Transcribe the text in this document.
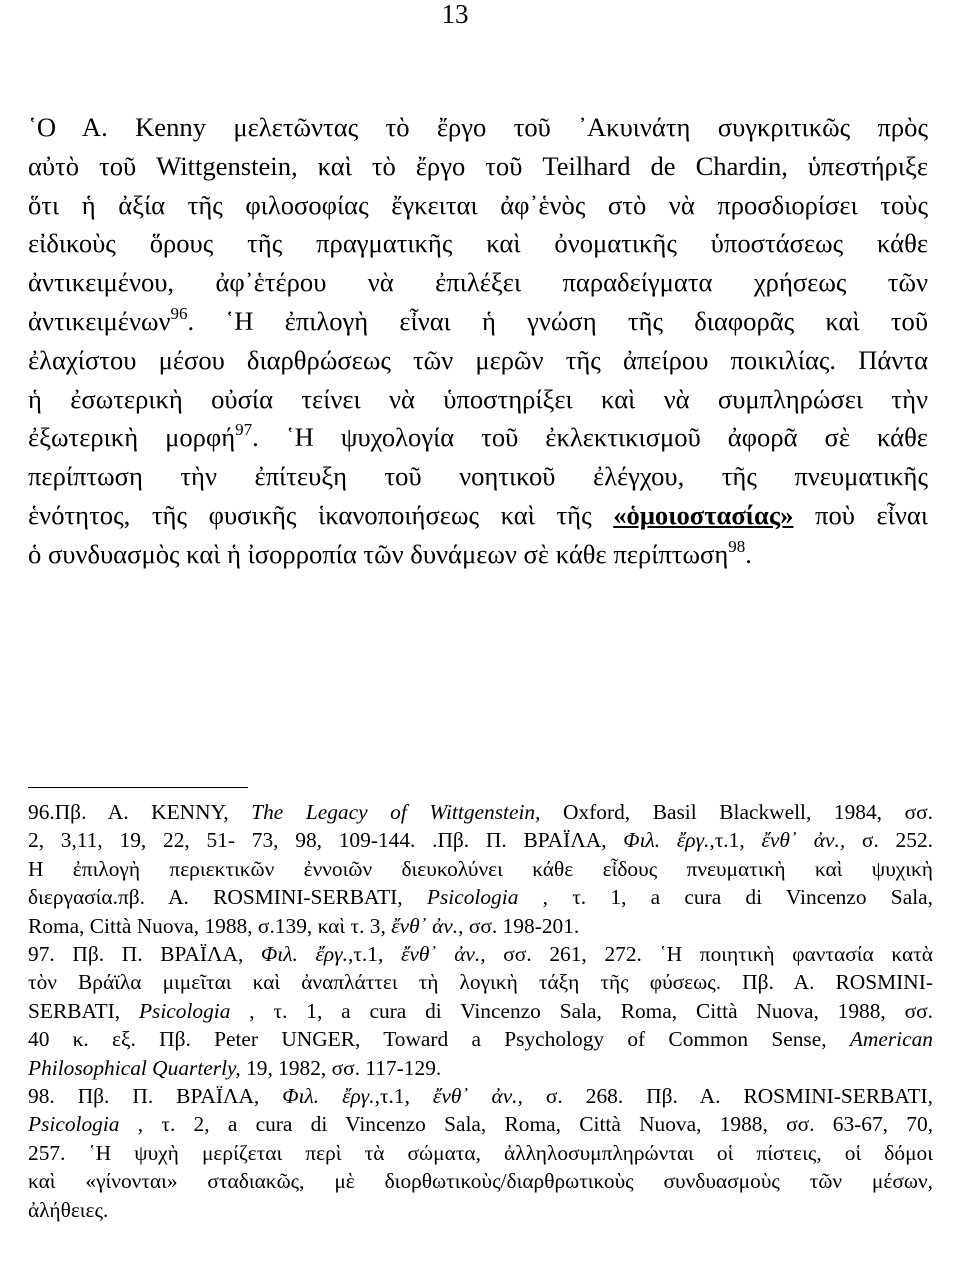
13

῾Ο Α. Kenny μελετῶντας τὸ ἔργο τοῦ ᾿Ακυινάτη συγκριτικῶς πρὸς
αὐτὸ τοῦ Wittgenstein, καὶ τὸ ἔργο τοῦ Teilhard de Chardin, ὑπεστήριξε
ὅτι ἡ ἀξία τῆς φιλοσοφίας ἔγκειται ἀφ᾿ἑνὸς στὸ νὰ προσδιορίσει τοὺς
εἰδικοὺς ὅρους τῆς πραγματικῆς καὶ ὀνοματικῆς ὑποστάσεως κάθε
ἀντικειμένου, ἀφ᾿ἑτέρου νὰ ἐπιλέξει παραδείγματα χρήσεως τῶν
ἀντικειμένων$^{96}$. ῾Η ἐπιλογὴ εἶναι ἡ γνώση τῆς διαφορᾶς καὶ τοῦ
ἐλαχίστου μέσου διαρθρώσεως τῶν μερῶν τῆς ἀπείρου ποικιλίας. Πάντα
ἡ ἐσωτερικὴ οὐσία τείνει νὰ ὑποστηρίξει καὶ νὰ συμπληρώσει τὴν
ἐξωτερικὴ μορφή$^{97}$. ῾Η ψυχολογία τοῦ ἐκλεκτικισμοῦ ἀφορᾶ σὲ κάθε
περίπτωση τὴν ἐπίτευξη τοῦ νοητικοῦ ἐλέγχου, τῆς πνευματικῆς
ἑνότητος, τῆς φυσικῆς ἱκανοποιήσεως καὶ τῆς «ὁμοιοστασίας» ποὺ εἶναι
ὁ συνδυασμὸς καὶ ἡ ἰσορροπία τῶν δυνάμεων σὲ κάθε περίπτωση$^{98}$.

96.Πβ. Α. KENNY, The Legacy of Wittgenstein, Oxford, Basil Blackwell, 1984, σσ.
2, 3,11, 19, 22, 51- 73, 98, 109-144. .Πβ. Π. ΒΡΑΪΛΑ, Φιλ. ἔργ.,τ.1, ἔνθ᾿ ἀν., σ. 252.
Η ἐπιλογὴ περιεκτικῶν ἐννοιῶν διευκολύνει κάθε εἶδους πνευματικὴ καὶ ψυχικὴ
διεργασία.πβ. Α. ROSMINI-SERBATI, Psicologia , τ. 1, a cura di Vincenzo Sala,
Roma, Città Nuova, 1988, σ.139, καὶ τ. 3, ἔνθ᾿ ἀν., σσ. 198-201.
97. Πβ. Π. ΒΡΑΪΛΑ, Φιλ. ἔργ.,τ.1, ἔνθ᾿ ἀν., σσ. 261, 272. ῾Η ποιητικὴ φαντασία κατὰ
τὸν Βράϊλα μιμεῖται καὶ ἀναπλάττει τὴ λογικὴ τάξη τῆς φύσεως. Πβ. Α. ROSMINI-
SERBATI, Psicologia , τ. 1, a cura di Vincenzo Sala, Roma, Città Nuova, 1988, σσ.
40 κ. εξ. Πβ. Peter UNGER, Toward a Psychology of Common Sense, American
Philosophical Quarterly, 19, 1982, σσ. 117-129.
98. Πβ. Π. ΒΡΑΪΛΑ, Φιλ. ἔργ.,τ.1, ἔνθ᾿ ἀν., σ. 268. Πβ. Α. ROSMINI-SERBATI,
Psicologia , τ. 2, a cura di Vincenzo Sala, Roma, Città Nuova, 1988, σσ. 63-67, 70,
257. ῾Η ψυχὴ μερίζεται περὶ τὰ σώματα, ἀλληλοσυμπληρώνται οἱ πίστεις, οἱ δόμοι
καὶ «γίνονται» σταδιακῶς, μὲ διορθωτικοὺς/διαρθρωτικοὺς συνδυασμοὺς τῶν μέσων,
ἀλήθειες.
